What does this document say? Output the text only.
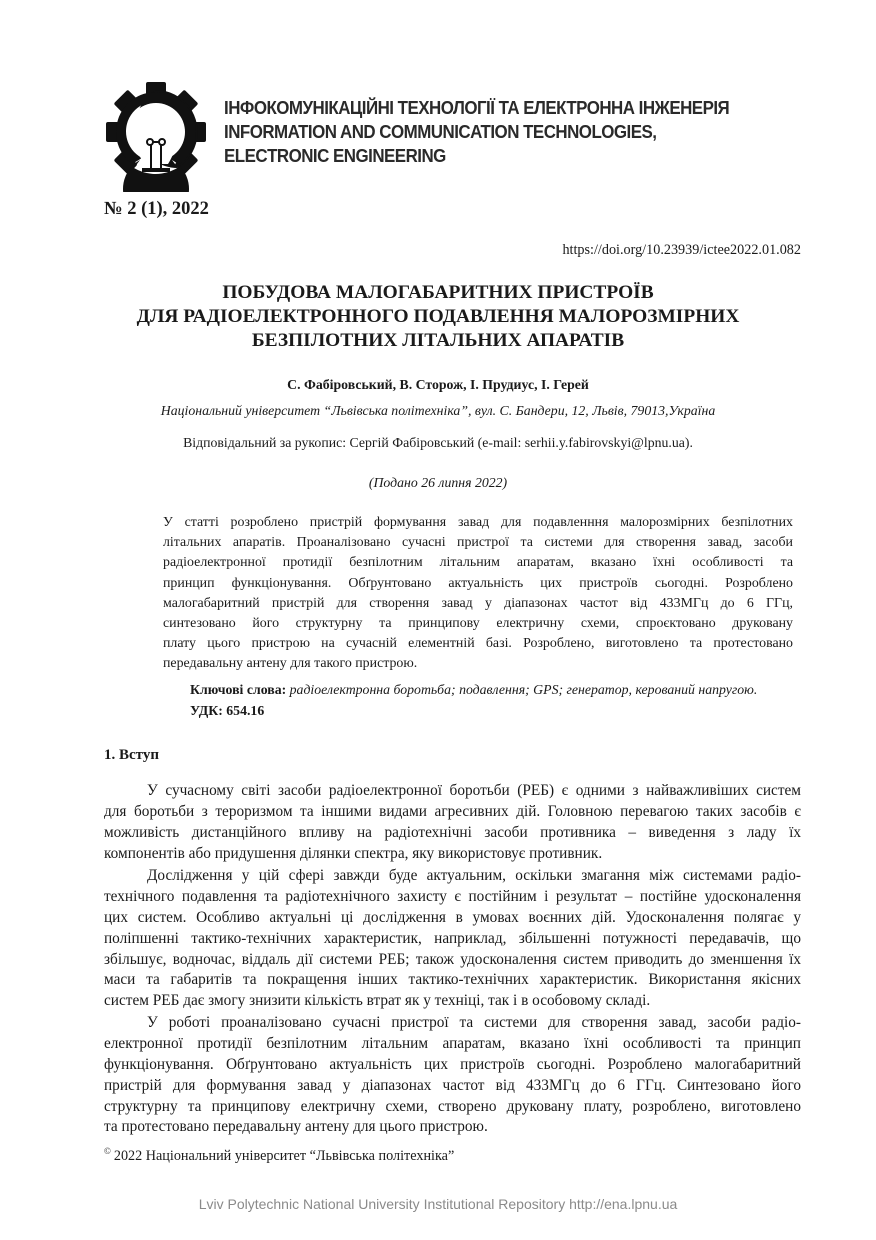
ІНФОКОМУНІКАЦІЙНІ ТЕХНОЛОГІЇ ТА ЕЛЕКТРОННА ІНЖЕНЕРІЯ
INFORMATION AND COMMUNICATION TECHNOLOGIES,
ELECTRONIC ENGINEERING
№ 2 (1), 2022
https://doi.org/10.23939/ictee2022.01.082
ПОБУДОВА МАЛОГАБАРИТНИХ ПРИСТРОЇВ
ДЛЯ РАДІОЕЛЕКТРОННОГО ПОДАВЛЕННЯ МАЛОРОЗМІРНИХ
БЕЗПІЛОТНИХ ЛІТАЛЬНИХ АПАРАТІВ
С. Фабіровський, В. Сторож, І. Прудиус, І. Герей
Національний університет “Львівська політехніка”, вул. С. Бандери, 12, Львів, 79013,Україна
Відповідальний за рукопис: Сергій Фабіровський (e-mail: serhii.y.fabirovskyi@lpnu.ua).
(Подано 26 липня 2022)
У статті розроблено пристрій формування завад для подавленння малорозмірних безпілотних
літальних апаратів. Проаналізовано сучасні пристрої та системи для створення завад, засоби
радіоелектронної протидії безпілотним літальним апаратам, вказано їхні особливості та
принцип функціонування. Обґрунтовано актуальність цих пристроїв сьогодні. Розроблено
малогабаритний пристрій для створення завад у діапазонах частот від 433МГц до 6 ГГц,
синтезовано його структурну та принципову електричну схеми, спроєктовано друковану
плату цього пристрою на сучасній елементній базі. Розроблено, виготовлено та протестовано
передавальну антену для такого пристрою.
Ключові слова: радіоелектронна боротьба; подавлення; GPS; генератор, керований напругою.
УДК: 654.16
1. Вступ
У сучасному світі засоби радіоелектронної боротьби (РЕБ) є одними з найважливіших систем
для боротьби з тероризмом та іншими видами агресивних дій. Головною перевагою таких засобів є
можливість дистанційного впливу на радіотехнічні засоби противника – виведення з ладу їх
компонентів або придушення ділянки спектра, яку використовує противник.
Дослідження у цій сфері завжди буде актуальним, оскільки змагання між системами радіо-
технічного подавлення та радіотехнічного захисту є постійним і результат – постійне удосконалення
цих систем. Особливо актуальні ці дослідження в умовах воєнних дій. Удосконалення полягає у
поліпшенні тактико-технічних характеристик, наприклад, збільшенні потужності передавачів, що
збільшує, водночас, віддаль дії системи РЕБ; також удосконалення систем приводить до зменшення їх
маси та габаритів та покращення інших тактико-технічних характеристик. Використання якісних
систем РЕБ дає змогу знизити кількість втрат як у техніці, так і в особовому складі.
У роботі проаналізовано сучасні пристрої та системи для створення завад, засоби радіо-
електронної протидії безпілотним літальним апаратам, вказано їхні особливості та принцип
функціонування. Обґрунтовано актуальність цих пристроїв сьогодні. Розроблено малогабаритний
пристрій для формування завад у діапазонах частот від 433МГц до 6 ГГц. Синтезовано його
структурну та принципову електричну схеми, створено друковану плату, розроблено, виготовлено
та протестовано передавальну антену для цього пристрою.
© 2022 Національний університет “Львівська політехніка”
Lviv Polytechnic National University Institutional Repository http://ena.lpnu.ua
